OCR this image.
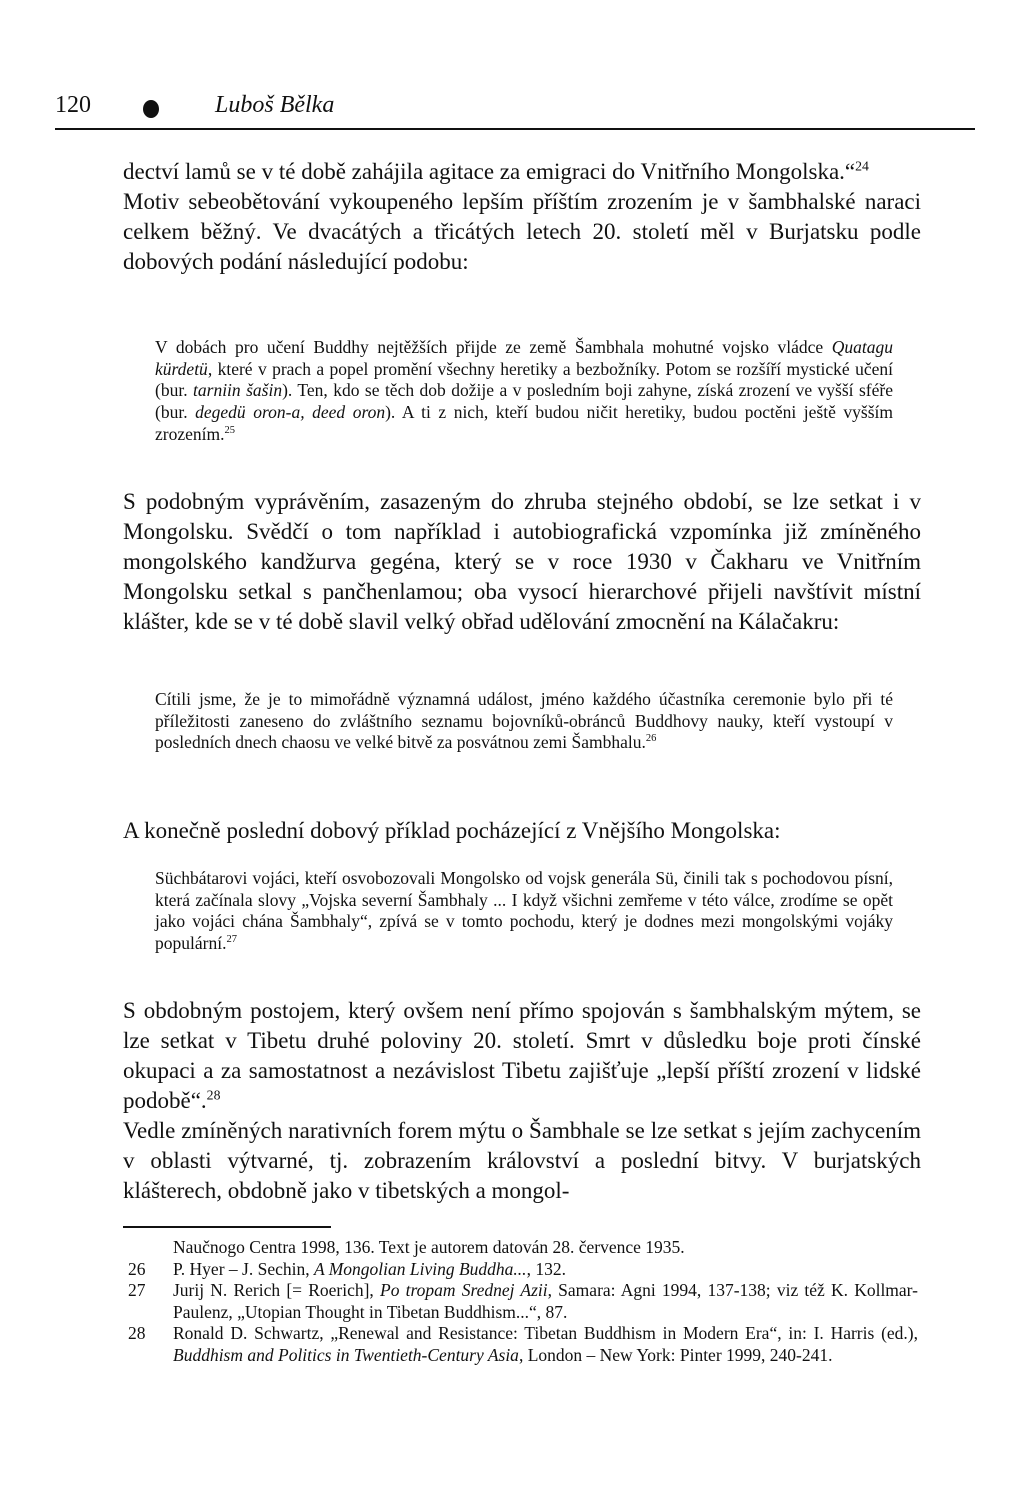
120	Luboš Bělka

dectví lamů se v té době zahájila agitace za emigraci do Vnitřního Mongolska.“$^{24}$

Motiv sebeobětování vykoupeného lepším příštím zrozením je v šambhalské naraci celkem běžný. Ve dvacátých a třicátých letech 20. století měl v Burjatsku podle dobových podání následující podobu:

V dobách pro učení Buddhy nejtěžších přijde ze země Šambhala mohutné vojsko vládce Quatagu kürdetü, které v prach a popel promění všechny heretiky a bezbožníky. Potom se rozšíří mystické učení (bur. tarniin šašin). Ten, kdo se těch dob dožije a v posledním boji zahyne, získá zrození ve vyšší sféře (bur. degedü oron-a, deed oron). A ti z nich, kteří budou ničit heretiky, budou poctěni ještě vyšším zrozením.$^{25}$

S podobným vyprávěním, zasazeným do zhruba stejného období, se lze setkat i v Mongolsku. Svědčí o tom například i autobiografická vzpomínka již zmíněného mongolského kandžurva gegéna, který se v roce 1930 v Čakharu ve Vnitřním Mongolsku setkal s pančhenlamou; oba vysocí hierarchové přijeli navštívit místní klášter, kde se v té době slavil velký obřad udělování zmocnění na Kálačakru:

Cítili jsme, že je to mimořádně významná událost, jméno každého účastníka ceremonie bylo při té příležitosti zaneseno do zvláštního seznamu bojovníků-obránců Buddhovy nauky, kteří vystoupí v posledních dnech chaosu ve velké bitvě za posvátnou zemi Šambhalu.$^{26}$

A konečně poslední dobový příklad pocházející z Vnějšího Mongolska:

Süchbátarovi vojáci, kteří osvobozovali Mongolsko od vojsk generála Sü, činili tak s pochodovou písní, která začínala slovy „Vojska severní Šambhaly ... I když všichni zemřeme v této válce, zrodíme se opět jako vojáci chána Šambhaly“, zpívá se v tomto pochodu, který je dodnes mezi mongolskými vojáky populární.$^{27}$

S obdobným postojem, který ovšem není přímo spojován s šambhalským mýtem, se lze setkat v Tibetu druhé poloviny 20. století. Smrt v důsledku boje proti čínské okupaci a za samostatnost a nezávislost Tibetu zajišťuje „lepší příští zrození v lidské podobě“.$^{28}$

Vedle zmíněných narativních forem mýtu o Šambhale se lze setkat s jejím zachycením v oblasti výtvarné, tj. zobrazením království a poslední bitvy. V burjatských klášterech, obdobně jako v tibetských a mongol-

Naučnogo Centra 1998, 136. Text je autorem datován 28. července 1935.
26 P. Hyer – J. Sechin, A Mongolian Living Buddha..., 132.
27 Jurij N. Rerich [= Roerich], Po tropam Srednej Azii, Samara: Agni 1994, 137-138; viz též K. Kollmar-Paulenz, „Utopian Thought in Tibetan Buddhism...“, 87.
28 Ronald D. Schwartz, „Renewal and Resistance: Tibetan Buddhism in Modern Era“, in: I. Harris (ed.), Buddhism and Politics in Twentieth-Century Asia, London – New York: Pinter 1999, 240-241.
